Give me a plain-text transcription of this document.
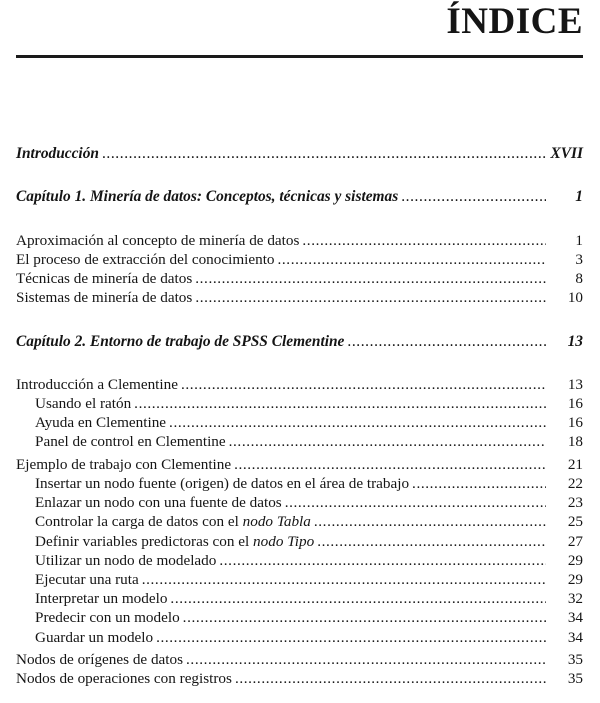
ÍNDICE
Introducción .....	XVII
Capítulo 1. Minería de datos: Conceptos, técnicas y sistemas .....	1
Aproximación al concepto de minería de datos .....	1
El proceso de extracción del conocimiento .....	3
Técnicas de minería de datos .....	8
Sistemas de minería de datos .....	10
Capítulo 2. Entorno de trabajo de SPSS Clementine .....	13
Introducción a Clementine .....	13
Usando el ratón .....	16
Ayuda en Clementine .....	16
Panel de control en Clementine .....	18
Ejemplo de trabajo con Clementine .....	21
Insertar un nodo fuente (origen) de datos en el área de trabajo .....	22
Enlazar un nodo con una fuente de datos .....	23
Controlar la carga de datos con el nodo Tabla .....	25
Definir variables predictoras con el nodo Tipo .....	27
Utilizar un nodo de modelado .....	29
Ejecutar una ruta .....	29
Interpretar un modelo .....	32
Predecir con un modelo .....	34
Guardar un modelo .....	34
Nodos de orígenes de datos .....	35
Nodos de operaciones con registros .....	35
